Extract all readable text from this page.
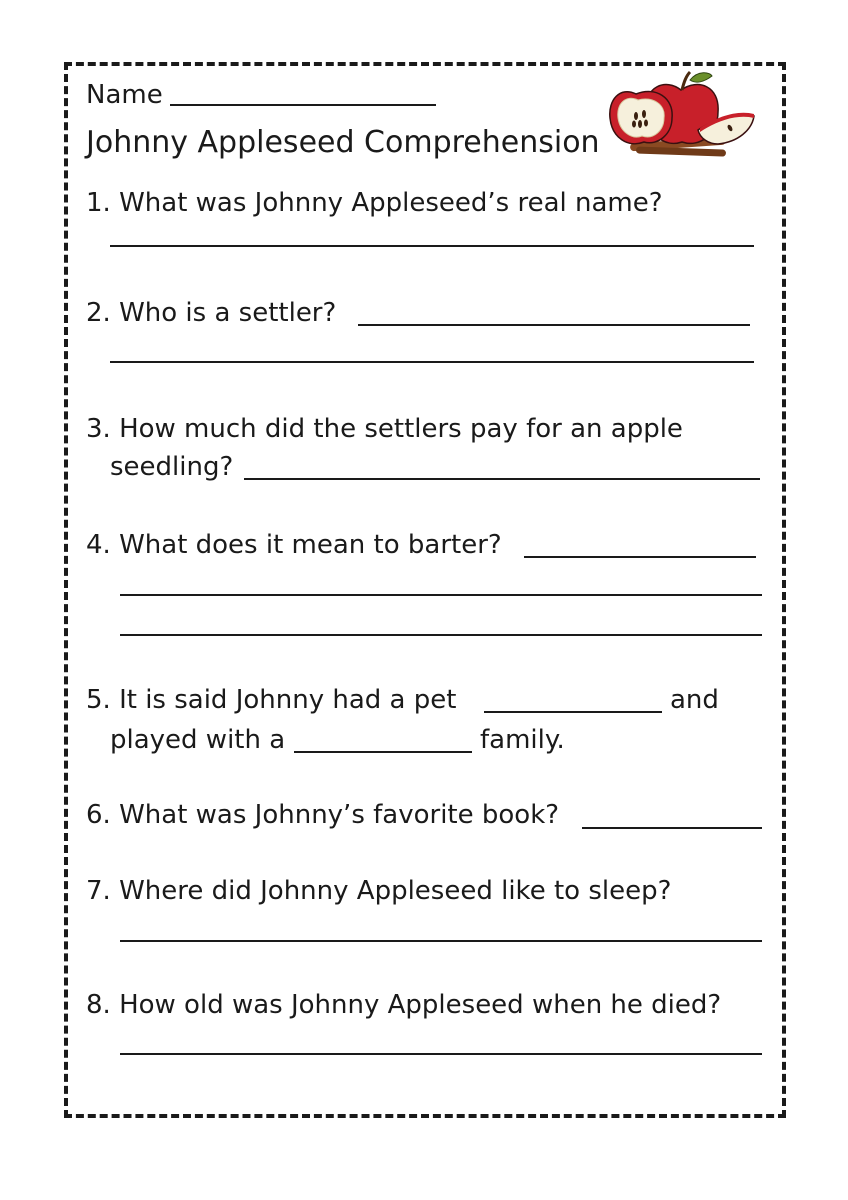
Name
Johnny Appleseed Comprehension
1. What was Johnny Appleseed’s real name?
2. Who is a settler?
3. How much did the settlers pay for an apple
seedling?
4. What does it mean to barter?
5. It is said Johnny had a pet	and
played with a	family.
6. What was Johnny’s favorite book?
7. Where did Johnny Appleseed like to sleep?
8. How old was Johnny Appleseed when he died?
